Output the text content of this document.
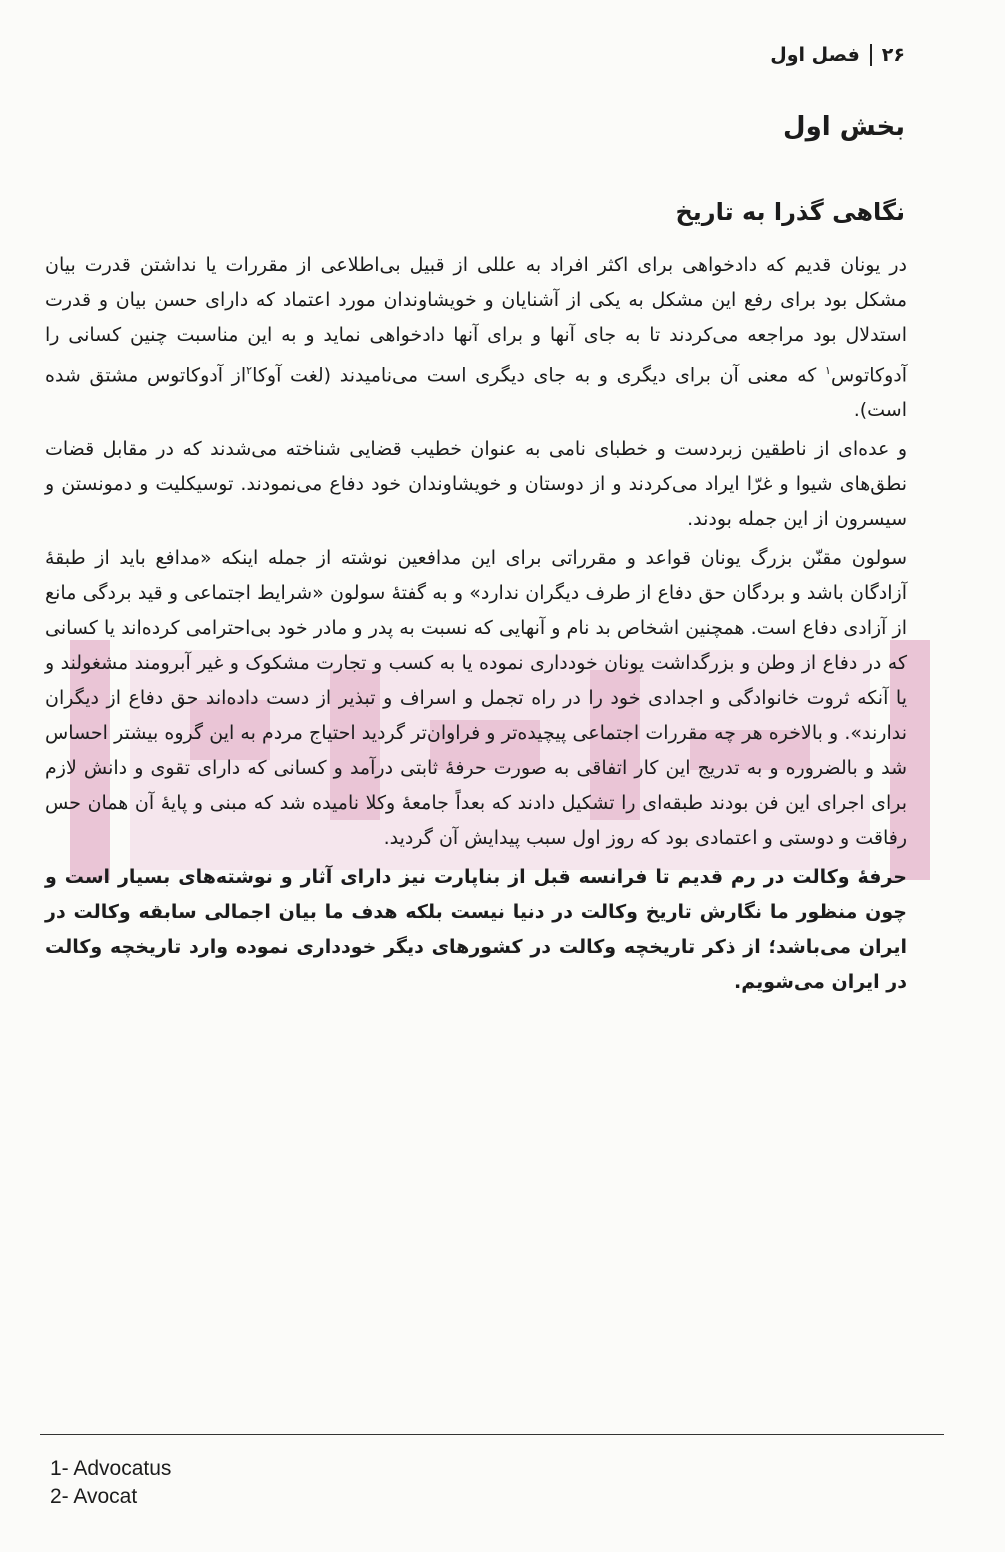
۲۶
فصل اول
بخش اول
نگاهی گذرا به تاریخ

در یونان قدیم که دادخواهی برای اکثر افراد به عللی از قبیل بی‌اطلاعی از مقررات یا نداشتن قدرت بیان مشکل بود برای رفع این مشکل به یکی از آشنایان و خویشاوندان مورد اعتماد که دارای حسن بیان و قدرت استدلال بود مراجعه می‌کردند تا به جای آنها و برای آنها دادخواهی نماید و به این مناسبت چنین کسانی را آدوکاتوس$^۱$ که معنی آن برای دیگری و به جای دیگری است می‌نامیدند (لغت آوکا$^۲$از آدوکاتوس مشتق شده است).

و عده‌ای از ناطقین زبردست و خطبای نامی به عنوان خطیب قضایی شناخته می‌شدند که در مقابل قضات نطق‌های شیوا و غرّا ایراد می‌کردند و از دوستان و خویشاوندان خود دفاع می‌نمودند. توسیکلیت و دمونستن و سیسرون از این جمله بودند.

سولون مقنّن بزرگ یونان قواعد و مقرراتی برای این مدافعین نوشته از جمله اینکه «مدافع باید از طبقهٔ آزادگان باشد و بردگان حق دفاع از طرف دیگران ندارد» و به گفتهٔ سولون «شرایط اجتماعی و قید بردگی مانع از آزادی دفاع است. همچنین اشخاص بد نام و آنهایی که نسبت به پدر و مادر خود بی‌احترامی کرده‌اند یا کسانی که در دفاع از وطن و بزرگداشت یونان خودداری نموده یا به کسب و تجارت مشکوک و غیر آبرومند مشغولند و یا آنکه ثروت خانوادگی و اجدادی خود را در راه تجمل و اسراف و تبذیر از دست داده‌اند حق دفاع از دیگران ندارند». و بالاخره هر چه مقررات اجتماعی پیچیده‌تر و فراوان‌تر گردید احتیاج مردم به این گروه بیشتر احساس شد و بالضروره و به تدریج این کار اتفاقی به صورت حرفهٔ ثابتی درآمد و کسانی که دارای تقوی و دانش لازم برای اجرای این فن بودند طبقه‌ای را تشکیل دادند که بعداً جامعهٔ وکلا نامیده شد که مبنی و پایهٔ آن همان حس رفاقت و دوستی و اعتمادی بود که روز اول سبب پیدایش آن گردید.

حرفهٔ وکالت در رم قدیم تا فرانسه قبل از بناپارت نیز دارای آثار و نوشته‌های بسیار است و چون منظور ما نگارش تاریخ وکالت در دنیا نیست بلکه هدف ما بیان اجمالی سابقه وکالت در ایران می‌باشد؛ از ذکر تاریخچه وکالت در کشورهای دیگر خودداری نموده وارد تاریخچه وکالت در ایران می‌شویم.

1- Advocatus
2- Avocat
